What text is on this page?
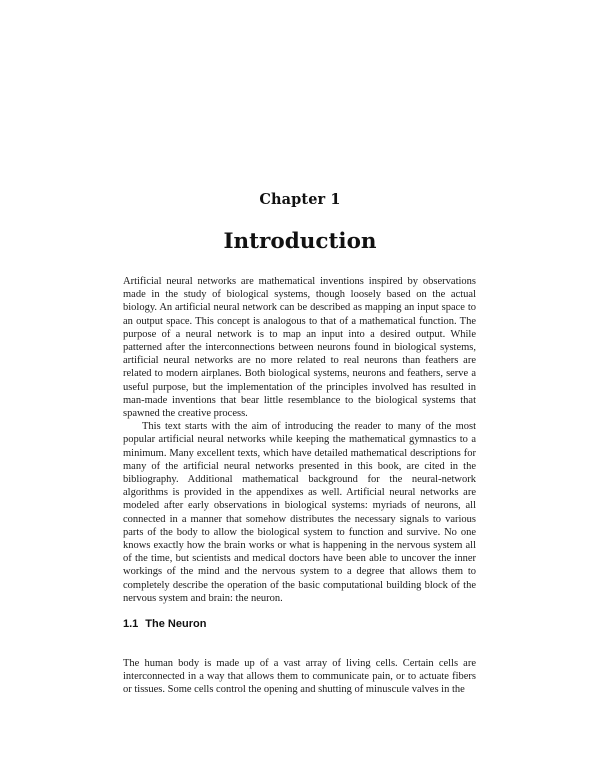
Chapter 1
Introduction

Artificial neural networks are mathematical inventions inspired by observations made in the study of biological systems, though loosely based on the actual biology. An artificial neural network can be described as mapping an input space to an output space. This concept is analogous to that of a mathematical function. The purpose of a neural network is to map an input into a desired output. While patterned after the interconnections between neurons found in biological systems, artificial neural networks are no more related to real neurons than feathers are related to modern airplanes. Both biological systems, neurons and feathers, serve a useful purpose, but the implementation of the principles involved has resulted in man-made inventions that bear little resemblance to the biological systems that spawned the creative process.

This text starts with the aim of introducing the reader to many of the most popular artificial neural networks while keeping the mathematical gymnastics to a minimum. Many excellent texts, which have detailed mathematical descriptions for many of the artificial neural networks presented in this book, are cited in the bibliography. Additional mathematical background for the neural-network algorithms is provided in the appendixes as well. Artificial neural networks are modeled after early observations in biological systems: myriads of neurons, all connected in a manner that somehow distributes the necessary signals to various parts of the body to allow the biological system to function and survive. No one knows exactly how the brain works or what is happening in the nervous system all of the time, but scientists and medical doctors have been able to uncover the inner workings of the mind and the nervous system to a degree that allows them to completely describe the operation of the basic computational building block of the nervous system and brain: the neuron.

1.1 The Neuron

The human body is made up of a vast array of living cells. Certain cells are interconnected in a way that allows them to communicate pain, or to actuate fibers or tissues. Some cells control the opening and shutting of minuscule valves in the
